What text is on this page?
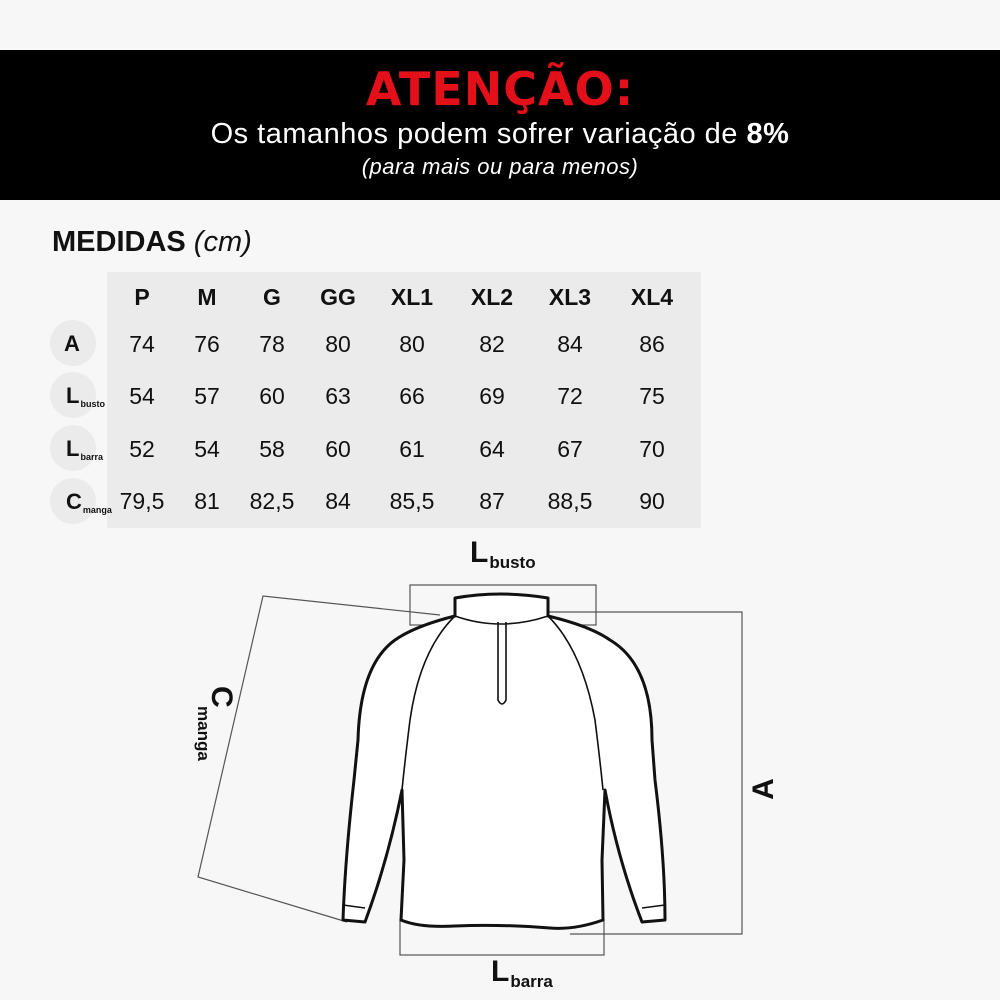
ATENÇÃO:
Os tamanhos podem sofrer variação de 8%
(para mais ou para menos)
MEDIDAS (cm)
P	M	G	GG	XL1	XL2	XL3	XL4
A	74	76	78	80	80	82	84	86
$L_{busto}$	54	57	60	63	66	69	72	75
$L_{barra}$	52	54	58	60	61	64	67	70
$C_{manga}$ 79,5	81	82,5	84	85,5	87	88,5	90
C
manga
A
$L_{busto}$
$L_{barra}$
